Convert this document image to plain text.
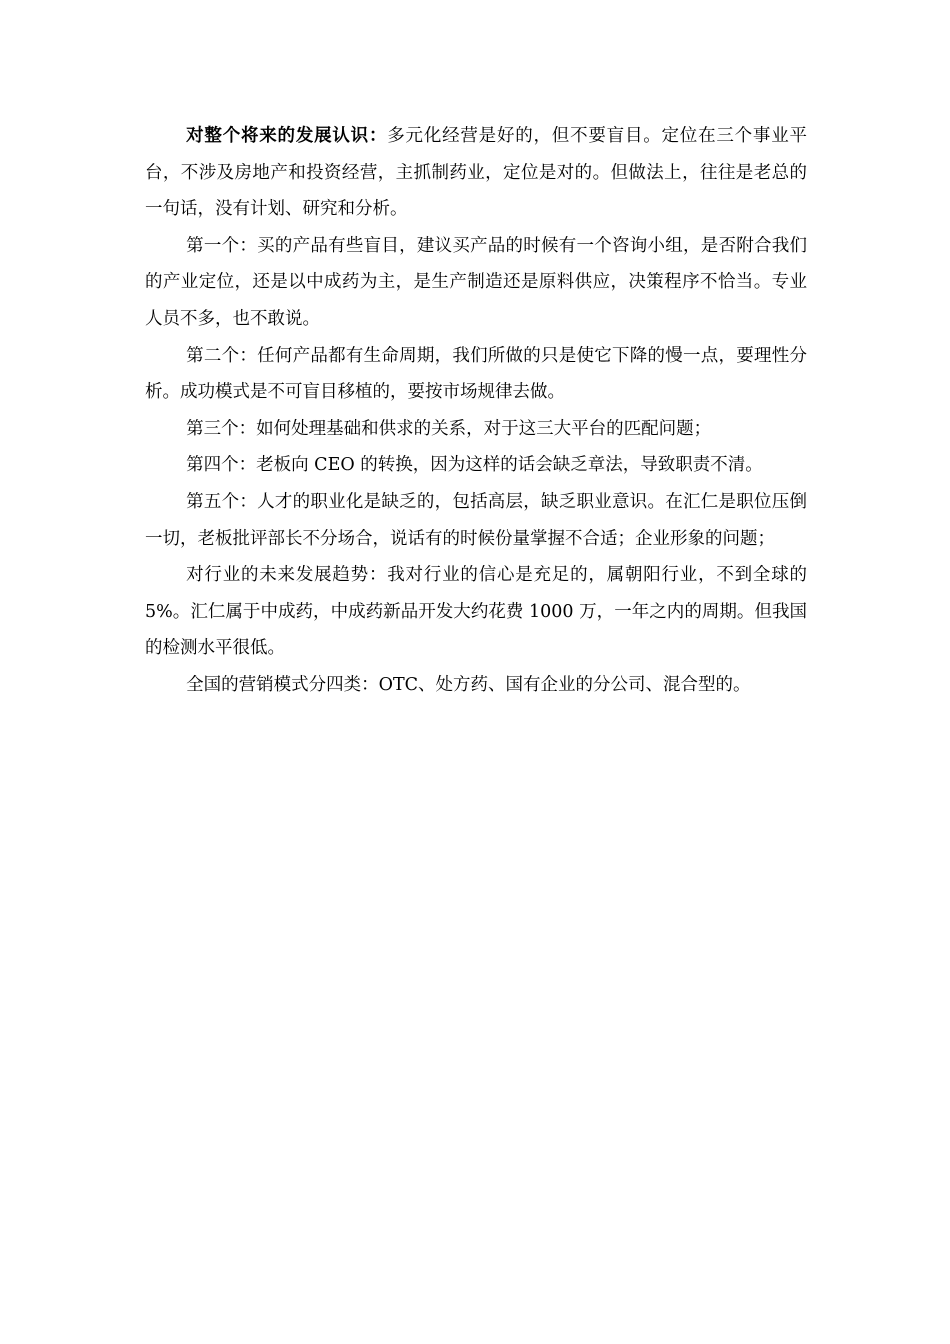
对整个将来的发展认识：多元化经营是好的，但不要盲目。定位在三个事业平台，不涉及房地产和投资经营，主抓制药业，定位是对的。但做法上，往往是老总的一句话，没有计划、研究和分析。

第一个：买的产品有些盲目，建议买产品的时候有一个咨询小组，是否附合我们的产业定位，还是以中成药为主，是生产制造还是原料供应，决策程序不恰当。专业人员不多，也不敢说。

第二个：任何产品都有生命周期，我们所做的只是使它下降的慢一点，要理性分析。成功模式是不可盲目移植的，要按市场规律去做。

第三个：如何处理基础和供求的关系，对于这三大平台的匹配问题；

第四个：老板向 CEO 的转换，因为这样的话会缺乏章法，导致职责不清。

第五个：人才的职业化是缺乏的，包括高层，缺乏职业意识。在汇仁是职位压倒一切，老板批评部长不分场合，说话有的时候份量掌握不合适；企业形象的问题；

对行业的未来发展趋势：我对行业的信心是充足的，属朝阳行业，不到全球的 5%。汇仁属于中成药，中成药新品开发大约花费 1000 万，一年之内的周期。但我国的检测水平很低。

全国的营销模式分四类：OTC、处方药、国有企业的分公司、混合型的。
